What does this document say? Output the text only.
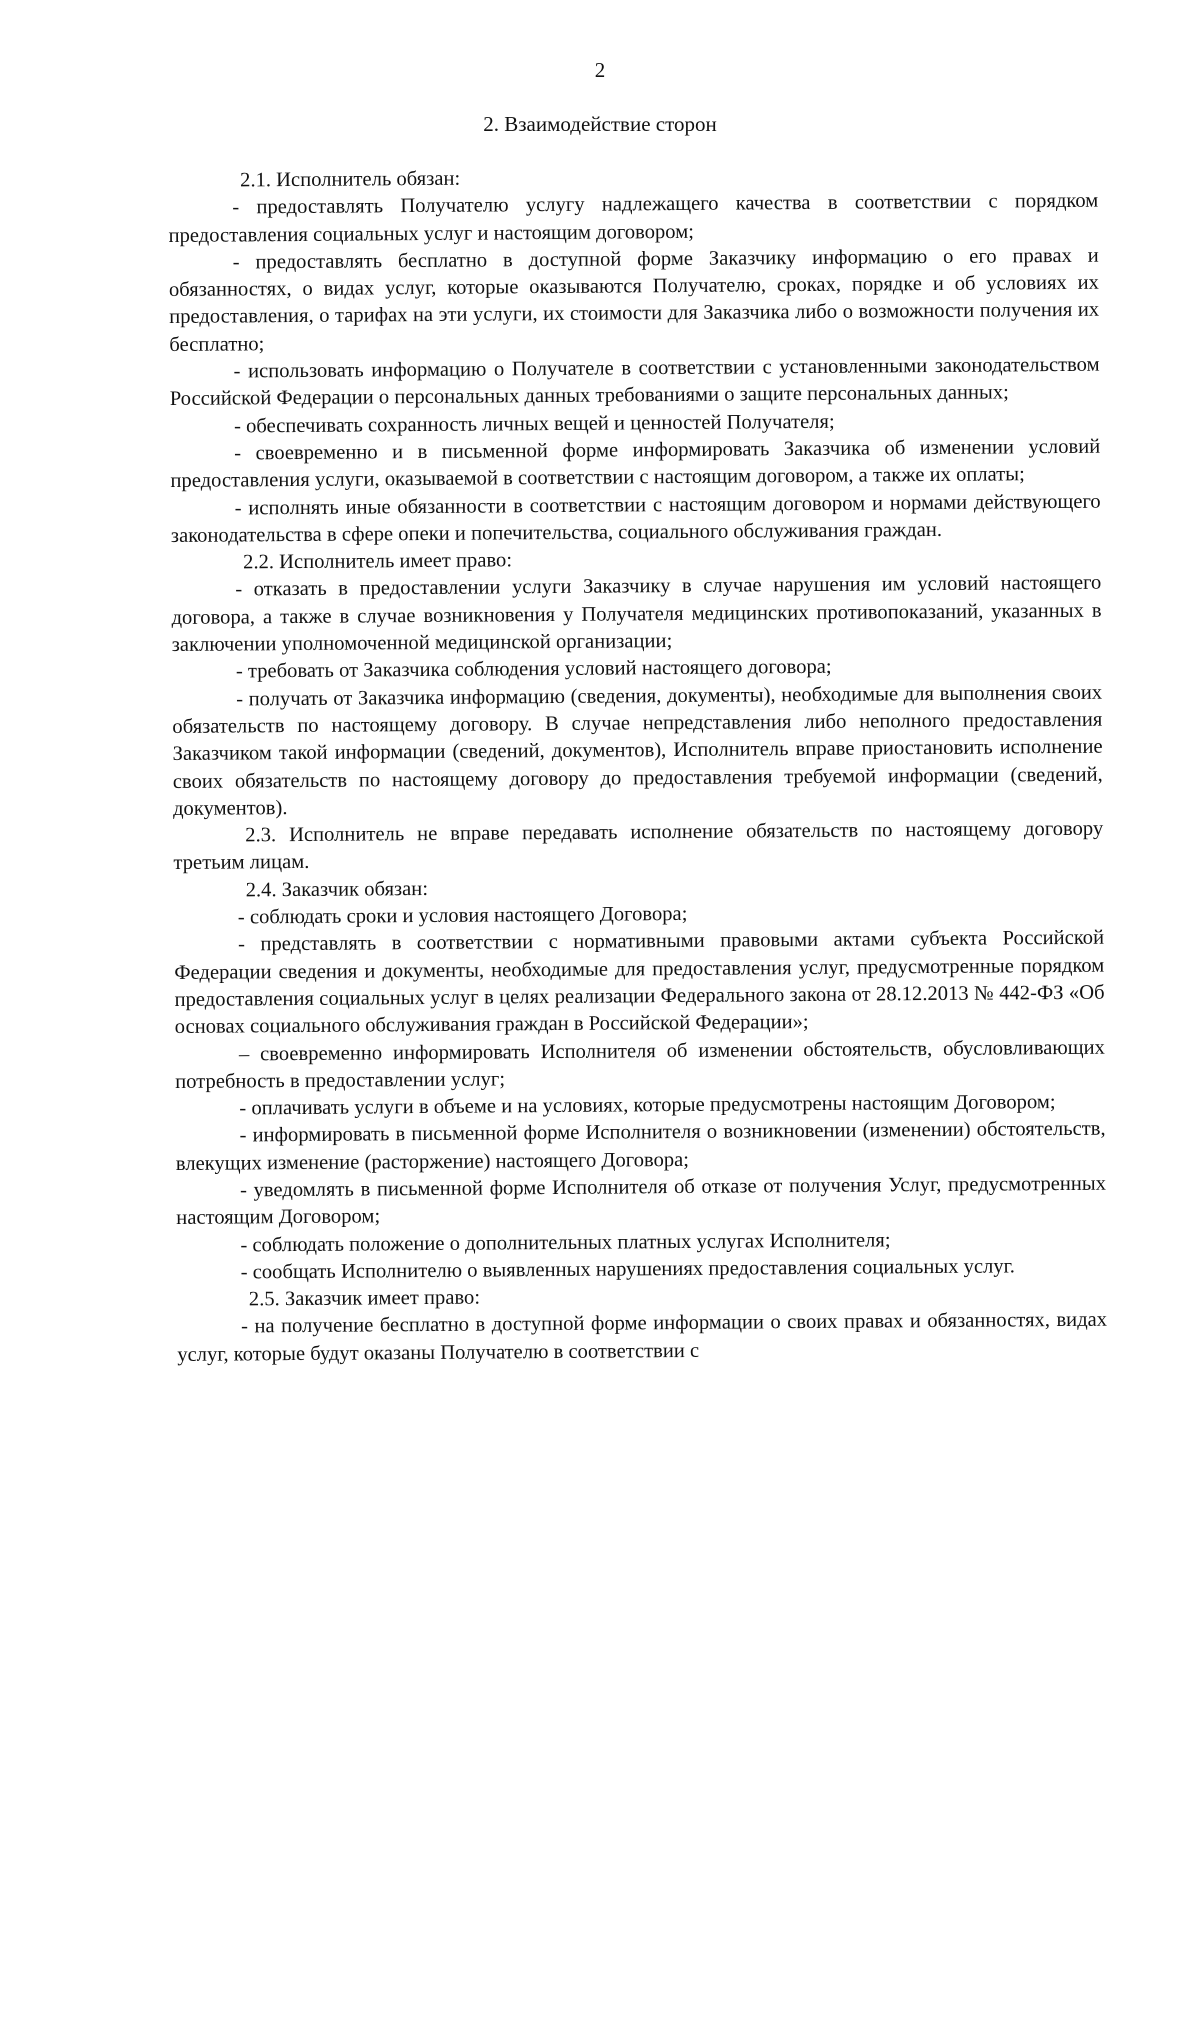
2
2. Взаимодействие сторон

2.1. Исполнитель обязан:

- предоставлять Получателю услугу надлежащего качества в соответствии с порядком предоставления социальных услуг и настоящим договором;

- предоставлять бесплатно в доступной форме Заказчику информацию о его правах и обязанностях, о видах услуг, которые оказываются Получателю, сроках, порядке и об условиях их предоставления, о тарифах на эти услуги, их стоимости для Заказчика либо о возможности получения их бесплатно;

- использовать информацию о Получателе в соответствии с установленными законодательством Российской Федерации о персональных данных требованиями о защите персональных данных;

- обеспечивать сохранность личных вещей и ценностей Получателя;

- своевременно и в письменной форме информировать Заказчика об изменении условий предоставления услуги, оказываемой в соответствии с настоящим договором, а также их оплаты;

- исполнять иные обязанности в соответствии с настоящим договором и нормами действующего законодательства в сфере опеки и попечительства, социального обслуживания граждан.

2.2. Исполнитель имеет право:

- отказать в предоставлении услуги Заказчику в случае нарушения им условий настоящего договора, а также в случае возникновения у Получателя медицинских противопоказаний, указанных в заключении уполномоченной медицинской организации;

- требовать от Заказчика соблюдения условий настоящего договора;

- получать от Заказчика информацию (сведения, документы), необходимые для выполнения своих обязательств по настоящему договору. В случае непредставления либо неполного предоставления Заказчиком такой информации (сведений, документов), Исполнитель вправе приостановить исполнение своих обязательств по настоящему договору до предоставления требуемой информации (сведений, документов).

2.3. Исполнитель не вправе передавать исполнение обязательств по настоящему договору третьим лицам.

2.4. Заказчик обязан:

- соблюдать сроки и условия настоящего Договора;

- представлять в соответствии с нормативными правовыми актами субъекта Российской Федерации сведения и документы, необходимые для предоставления услуг, предусмотренные порядком предоставления социальных услуг в целях реализации Федерального закона от 28.12.2013 № 442-ФЗ «Об основах социального обслуживания граждан в Российской Федерации»;

– своевременно информировать Исполнителя об изменении обстоятельств, обусловливающих потребность в предоставлении услуг;

- оплачивать услуги в объеме и на условиях, которые предусмотрены настоящим Договором;

- информировать в письменной форме Исполнителя о возникновении (изменении) обстоятельств, влекущих изменение (расторжение) настоящего Договора;

- уведомлять в письменной форме Исполнителя об отказе от получения Услуг, предусмотренных настоящим Договором;

- соблюдать положение о дополнительных платных услугах Исполнителя;

- сообщать Исполнителю о выявленных нарушениях предоставления социальных услуг.

2.5. Заказчик имеет право:

- на получение бесплатно в доступной форме информации о своих правах и обязанностях, видах услуг, которые будут оказаны Получателю в соответствии с
